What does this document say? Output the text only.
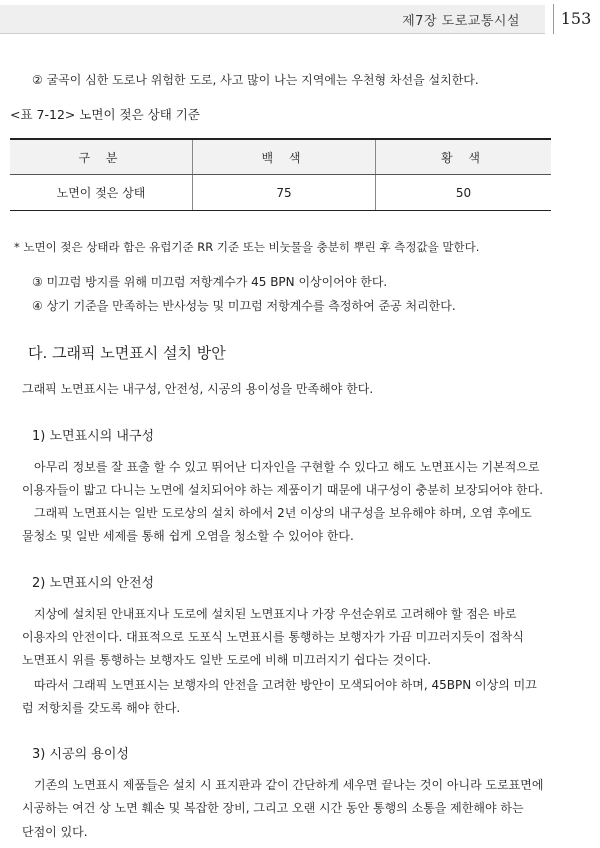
제7장 도로교통시설	153
② 굴곡이 심한 도로나 위험한 도로, 사고 많이 나는 지역에는 우천형 차선을 설치한다.
<표 7-12> 노면이 젖은 상태 기준
구 분	백 색	황 색
노면이 젖은 상태	75	50
* 노면이 젖은 상태라 함은 유럽기준 RR 기준 또는 비눗물을 충분히 뿌린 후 측정값을 말한다.
③ 미끄럼 방지를 위해 미끄럼 저항계수가 45 BPN 이상이어야 한다.
④ 상기 기준을 만족하는 반사성능 및 미끄럼 저항계수를 측정하여 준공 처리한다.
다. 그래픽 노면표시 설치 방안
그래픽 노면표시는 내구성, 안전성, 시공의 용이성을 만족해야 한다.
1) 노면표시의 내구성
아무리 정보를 잘 표출 할 수 있고 뛰어난 디자인을 구현할 수 있다고 해도 노면표시는 기본적으로
이용자들이 밟고 다니는 노면에 설치되어야 하는 제품이기 때문에 내구성이 충분히 보장되어야 한다.
그래픽 노면표시는 일반 도로상의 설치 하에서 2년 이상의 내구성을 보유해야 하며, 오염 후에도
물청소 및 일반 세제를 통해 쉽게 오염을 청소할 수 있어야 한다.
2) 노면표시의 안전성
지상에 설치된 안내표지나 도로에 설치된 노면표지나 가장 우선순위로 고려해야 할 점은 바로
이용자의 안전이다. 대표적으로 도포식 노면표시를 통행하는 보행자가 가끔 미끄러지듯이 접착식
노면표시 위를 통행하는 보행자도 일반 도로에 비해 미끄러지기 쉽다는 것이다.
따라서 그래픽 노면표시는 보행자의 안전을 고려한 방안이 모색되어야 하며, 45BPN 이상의 미끄
럼 저항치를 갖도록 해야 한다.
3) 시공의 용이성
기존의 노면표시 제품들은 설치 시 표지판과 같이 간단하게 세우면 끝나는 것이 아니라 도로표면에
시공하는 여건 상 노면 훼손 및 복잡한 장비, 그리고 오랜 시간 동안 통행의 소통을 제한해야 하는
단점이 있다.
